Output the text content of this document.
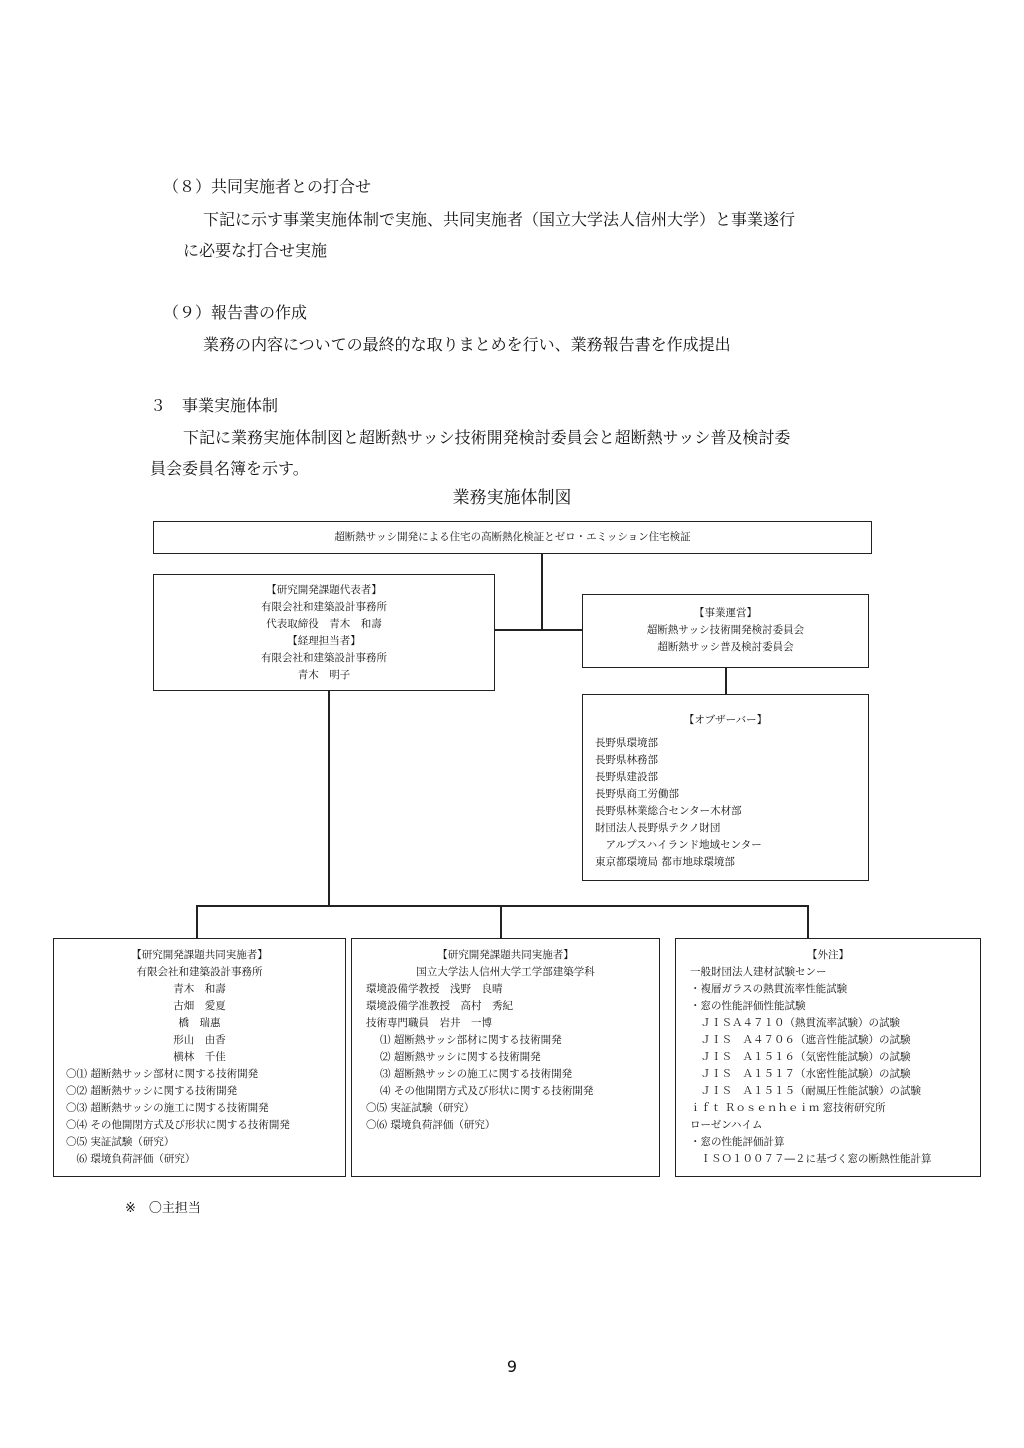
（８）共同実施者との打合せ
下記に示す事業実施体制で実施、共同実施者（国立大学法人信州大学）と事業遂行
に必要な打合せ実施
（９）報告書の作成
業務の内容についての最終的な取りまとめを行い、業務報告書を作成提出
３　事業実施体制
下記に業務実施体制図と超断熱サッシ技術開発検討委員会と超断熱サッシ普及検討委
員会委員名簿を示す。
業務実施体制図
超断熱サッシ開発による住宅の高断熱化検証とゼロ・エミッション住宅検証
【研究開発課題代表者】
有限会社和建築設計事務所
代表取締役　青木　和壽
【経理担当者】
有限会社和建築設計事務所
青木　明子
【事業運営】
超断熱サッシ技術開発検討委員会
超断熱サッシ普及検討委員会
【オブザーバー】
長野県環境部
長野県林務部
長野県建設部
長野県商工労働部
長野県林業総合センター木材部
財団法人長野県テクノ財団
　アルプスハイランド地域センター
東京都環境局 都市地球環境部
【研究開発課題共同実施者】
有限会社和建築設計事務所
青木　和壽
古畑　愛夏
橋　瑞惠
形山　由香
横林　千佳
〇⑴ 超断熱サッシ部材に関する技術開発
〇⑵ 超断熱サッシに関する技術開発
〇⑶ 超断熱サッシの施工に関する技術開発
〇⑷ その他開閉方式及び形状に関する技術開発
〇⑸ 実証試験（研究）
　⑹ 環境負荷評価（研究）
【研究開発課題共同実施者】
国立大学法人信州大学工学部建築学科
環境設備学教授　浅野　良晴
環境設備学准教授　高村　秀紀
技術専門職員　岩井　一博
⑴ 超断熱サッシ部材に関する技術開発
⑵ 超断熱サッシに関する技術開発
⑶ 超断熱サッシの施工に関する技術開発
⑷ その他開閉方式及び形状に関する技術開発
〇⑸ 実証試験（研究）
〇⑹ 環境負荷評価（研究）
【外注】
一般財団法人建材試験センー
・複層ガラスの熱貫流率性能試験
・窓の性能評価性能試験
　ＪＩＳＡ４７１０（熱貫流率試験）の試験
　ＪＩＳ　Ａ４７０６（遮音性能試験）の試験
　ＪＩＳ　Ａ１５１６（気密性能試験）の試験
　ＪＩＳ　Ａ１５１７（水密性能試験）の試験
　ＪＩＳ　Ａ１５１５（耐風圧性能試験）の試験
ｉｆｔ Ｒｏｓｅｎｈｅｉｍ 窓技術研究所
ローゼンハイム
・窓の性能評価計算
　ＩＳＯ１００７７―２に基づく窓の断熱性能計算
※　〇主担当
9
